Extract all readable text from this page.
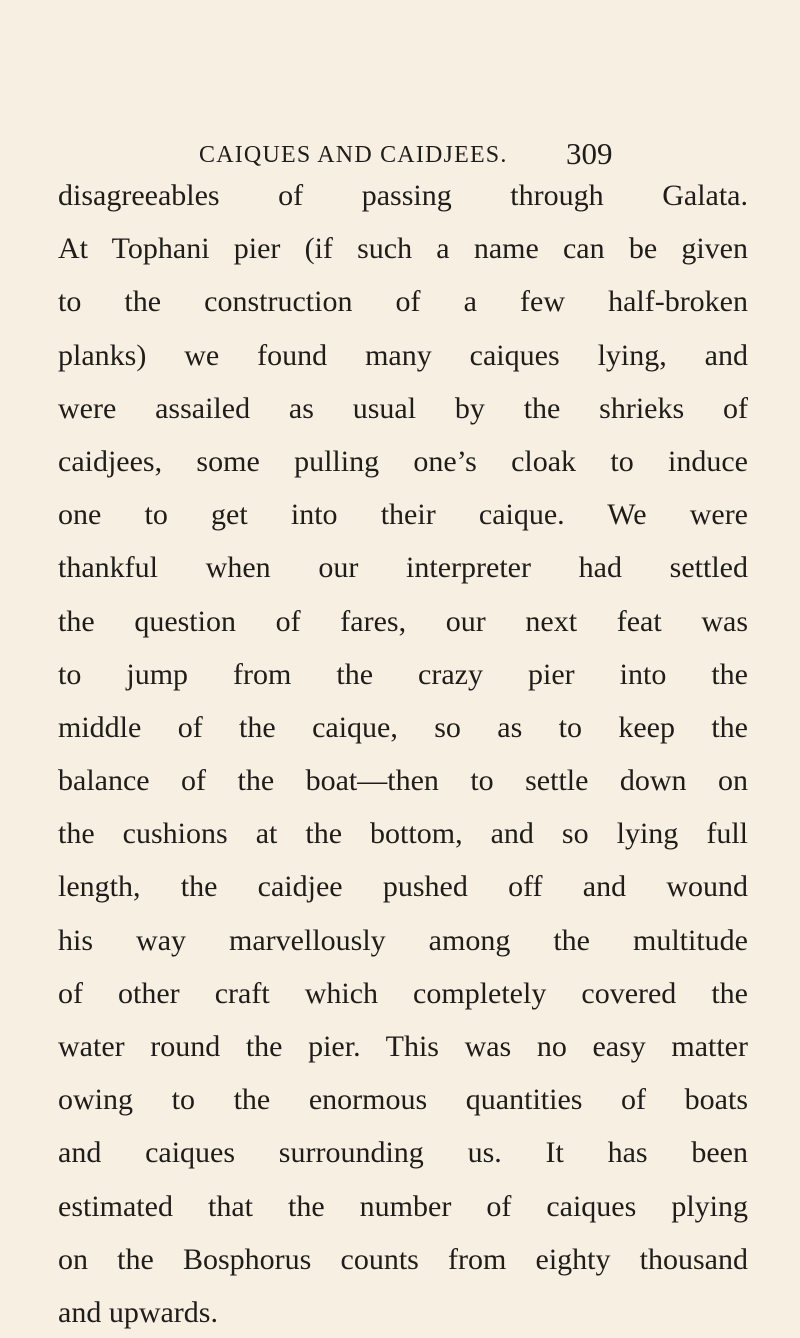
CAIQUES AND CAIDJEES. 309
disagreeables of passing through Galata.
At Tophani pier (if such a name can be given
to the construction of a few half-broken
planks) we found many caiques lying, and
were assailed as usual by the shrieks of
caidjees, some pulling one’s cloak to induce
one to get into their caique. We were
thankful when our interpreter had settled
the question of fares, our next feat was
to jump from the crazy pier into the
middle of the caique, so as to keep the
balance of the boat—then to settle down on
the cushions at the bottom, and so lying full
length, the caidjee pushed off and wound
his way marvellously among the multitude
of other craft which completely covered the
water round the pier. This was no easy matter
owing to the enormous quantities of boats
and caiques surrounding us. It has been
estimated that the number of caiques plying
on the Bosphorus counts from eighty thousand
and upwards.
